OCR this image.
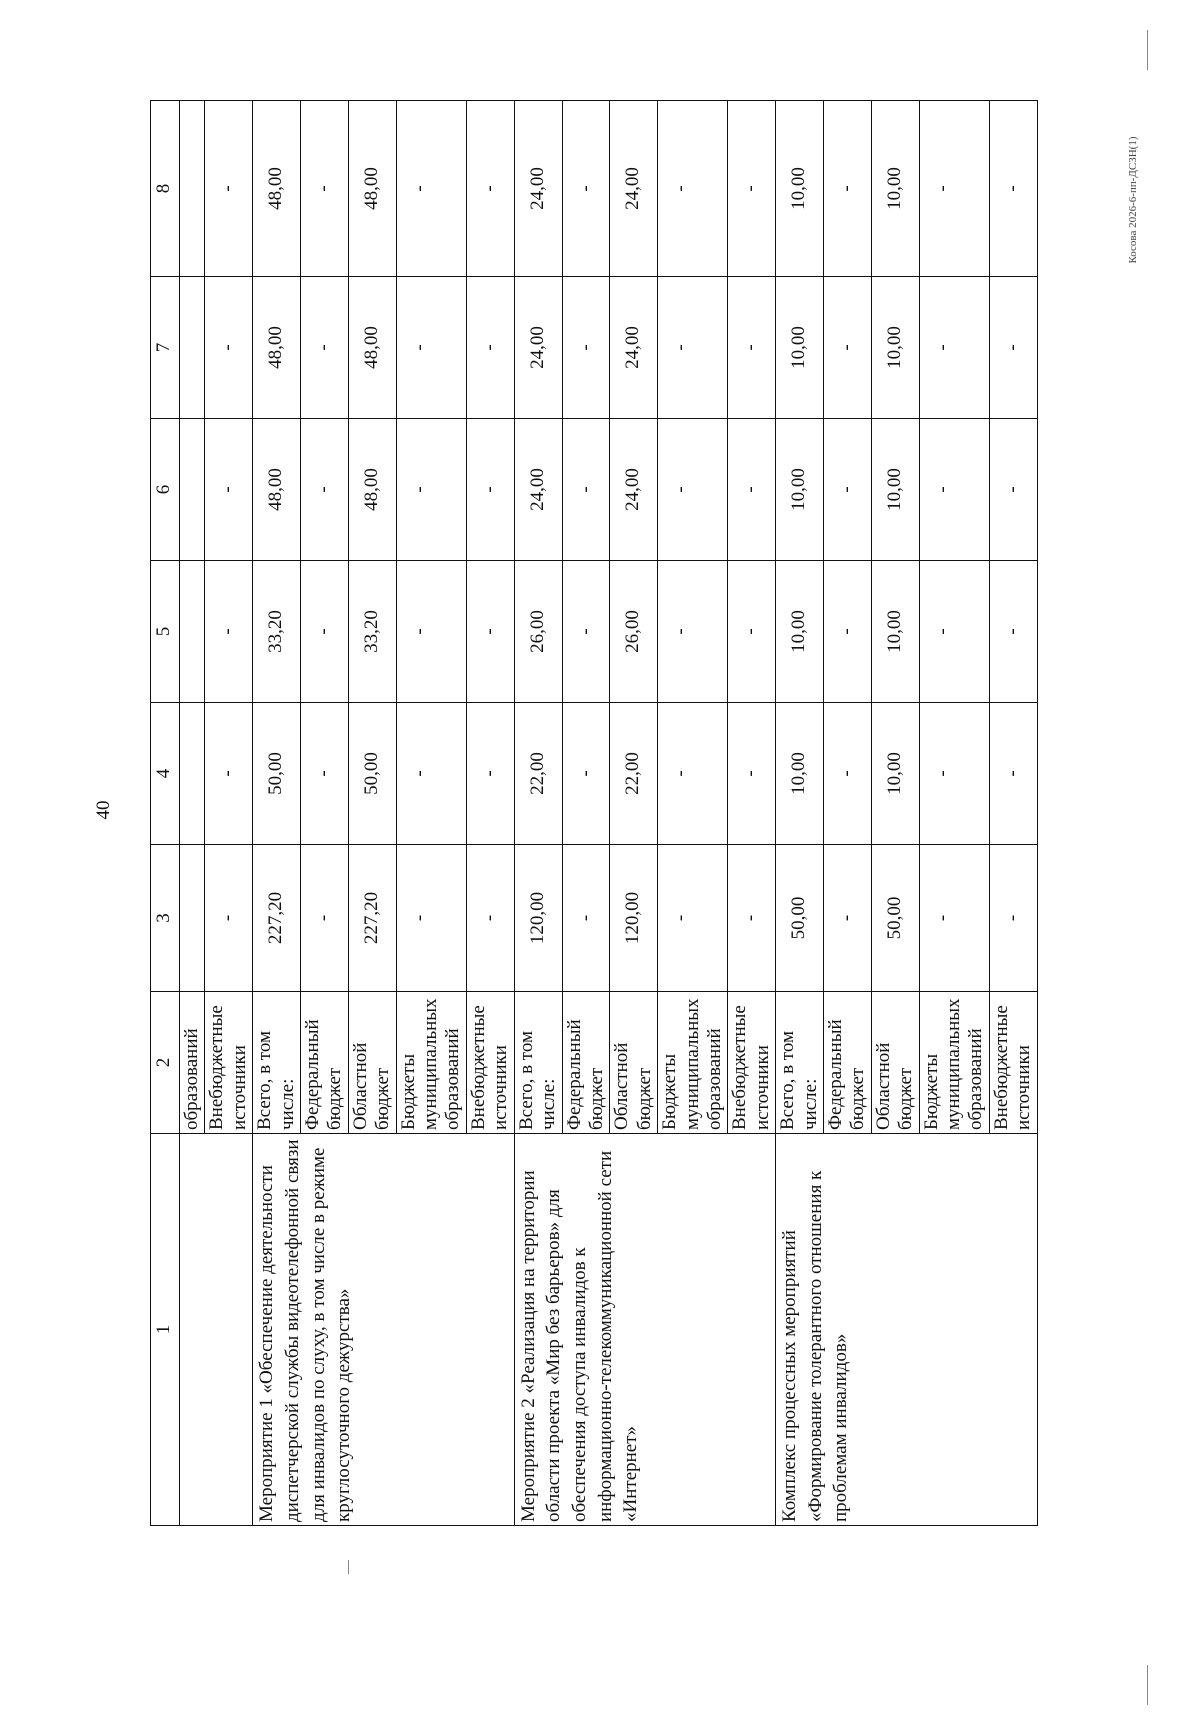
40
Косова 2026-6-пп-ДСЗН(1)
1	2	3	4	5	6	7	8
	образований						
	Внебюджетные источники	-	-	-	-	-	-
Мероприятие 1 «Обеспечение деятельности диспетчерской службы видеотелефонной связи для инвалидов по слуху, в том числе в режиме круглосуточного дежурства»	Всего, в том числе:	227,20	50,00	33,20	48,00	48,00	48,00
	Федеральный бюджет	-	-	-	-	-	-
	Областной бюджет	227,20	50,00	33,20	48,00	48,00	48,00
	Бюджеты муниципальных образований	-	-	-	-	-	-
	Внебюджетные источники	-	-	-	-	-	-
Мероприятие 2 «Реализация на территории области проекта «Мир без барьеров» для обеспечения доступа инвалидов к информационно-телекоммуникационной сети «Интернет»	Всего, в том числе:	120,00	22,00	26,00	24,00	24,00	24,00
	Федеральный бюджет	-	-	-	-	-	-
	Областной бюджет	120,00	22,00	26,00	24,00	24,00	24,00
	Бюджеты муниципальных образований	-	-	-	-	-	-
	Внебюджетные источники	-	-	-	-	-	-
Комплекс процессных мероприятий «Формирование толерантного отношения к проблемам инвалидов»	Всего, в том числе:	50,00	10,00	10,00	10,00	10,00	10,00
	Федеральный бюджет	-	-	-	-	-	-
	Областной бюджет	50,00	10,00	10,00	10,00	10,00	10,00
	Бюджеты муниципальных образований	-	-	-	-	-	-
	Внебюджетные источники	-	-	-	-	-	-
